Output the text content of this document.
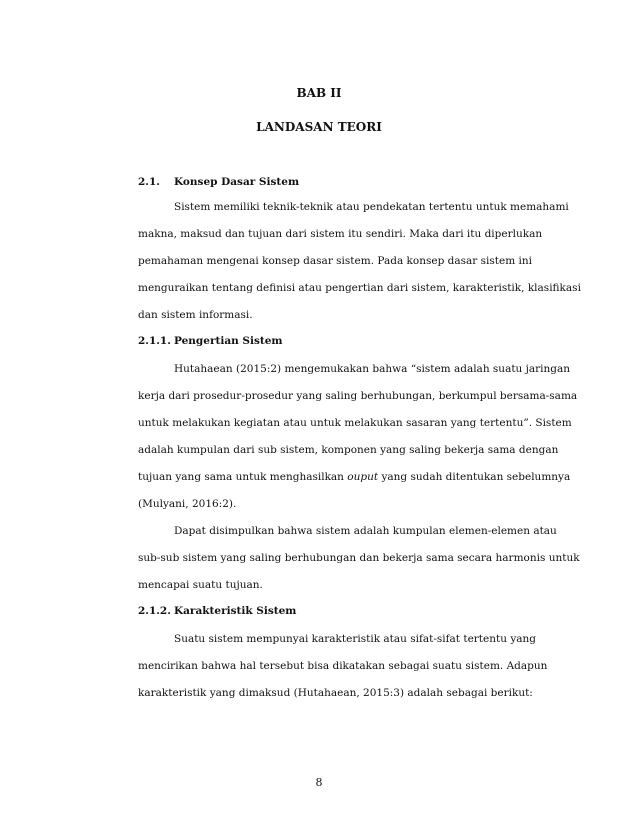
BAB II
LANDASAN TEORI
2.1. Konsep Dasar Sistem
Sistem memiliki teknik-teknik atau pendekatan tertentu untuk memahami
makna, maksud dan tujuan dari sistem itu sendiri. Maka dari itu diperlukan
pemahaman mengenai konsep dasar sistem. Pada konsep dasar sistem ini
menguraikan tentang definisi atau pengertian dari sistem, karakteristik, klasifikasi
dan sistem informasi.
2.1.1. Pengertian Sistem
Hutahaean (2015:2) mengemukakan bahwa “sistem adalah suatu jaringan
kerja dari prosedur-prosedur yang saling berhubungan, berkumpul bersama-sama
untuk melakukan kegiatan atau untuk melakukan sasaran yang tertentu”. Sistem
adalah kumpulan dari sub sistem, komponen yang saling bekerja sama dengan
tujuan yang sama untuk menghasilkan ouput yang sudah ditentukan sebelumnya
(Mulyani, 2016:2).
Dapat disimpulkan bahwa sistem adalah kumpulan elemen-elemen atau
sub-sub sistem yang saling berhubungan dan bekerja sama secara harmonis untuk
mencapai suatu tujuan.
2.1.2. Karakteristik Sistem
Suatu sistem mempunyai karakteristik atau sifat-sifat tertentu yang
mencirikan bahwa hal tersebut bisa dikatakan sebagai suatu sistem. Adapun
karakteristik yang dimaksud (Hutahaean, 2015:3) adalah sebagai berikut:
8
